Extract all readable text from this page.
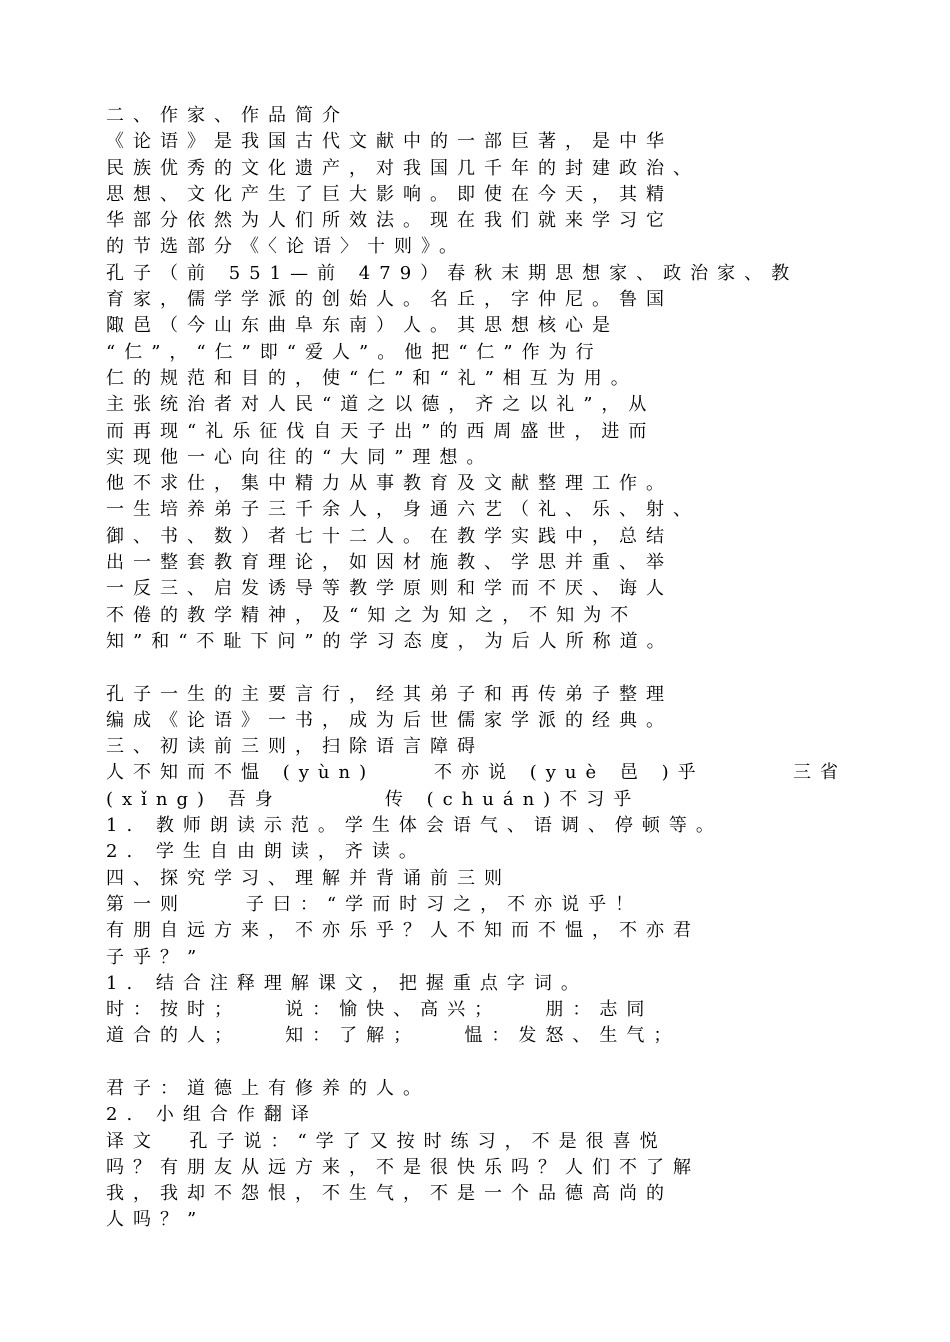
二、作家、作品简介
《论语》是我国古代文献中的一部巨著，是中华
民族优秀的文化遗产，对我国几千年的封建政治、
思想、文化产生了巨大影响。即使在今天，其精
华部分依然为人们所效法。现在我们就来学习它
的节选部分《〈论语〉十则》。
孔子（前 551—前 479）春秋末期思想家、政治家、教
育家，儒学学派的创始人。名丘，字仲尼。鲁国
陬邑（今山东曲阜东南）人。其思想核心是
“仁”，“仁”即“爱人”。他把“仁”作为行
仁的规范和目的，使“仁”和“礼”相互为用。
主张统治者对人民“道之以德，齐之以礼”，从
而再现“礼乐征伐自天子出”的西周盛世，进而
实现他一心向往的“大同”理想。
他不求仕，集中精力从事教育及文献整理工作。
一生培养弟子三千余人，身通六艺（礼、乐、射、
御、书、数）者七十二人。在教学实践中，总结
出一整套教育理论，如因材施教、学思并重、举
一反三、启发诱导等教学原则和学而不厌、诲人
不倦的教学精神，及“知之为知之，不知为不
知”和“不耻下问”的学习态度，为后人所称道。
孔子一生的主要言行，经其弟子和再传弟子整理
编成《论语》一书，成为后世儒家学派的经典。
三、初读前三则，扫除语言障碍
人不知而不愠 (yùn)    不亦说 (yuè 邑 )乎      三省
(xǐng) 吾身       传 (chuán)不习乎
1. 教师朗读示范。学生体会语气、语调、停顿等。
2. 学生自由朗读，齐读。
四、探究学习、理解并背诵前三则
第一则    子曰：“学而时习之，不亦说乎！
有朋自远方来，不亦乐乎？人不知而不愠，不亦君
子乎？”
1. 结合注释理解课文，把握重点字词。
时：按时；   说：愉快、高兴；   朋：志同
道合的人；   知：了解；   愠：发怒、生气；
君子：道德上有修养的人。
2. 小组合作翻译
译文  孔子说：“学了又按时练习，不是很喜悦
吗？有朋友从远方来，不是很快乐吗？人们不了解
我，我却不怨恨，不生气，不是一个品德高尚的
人吗？”
